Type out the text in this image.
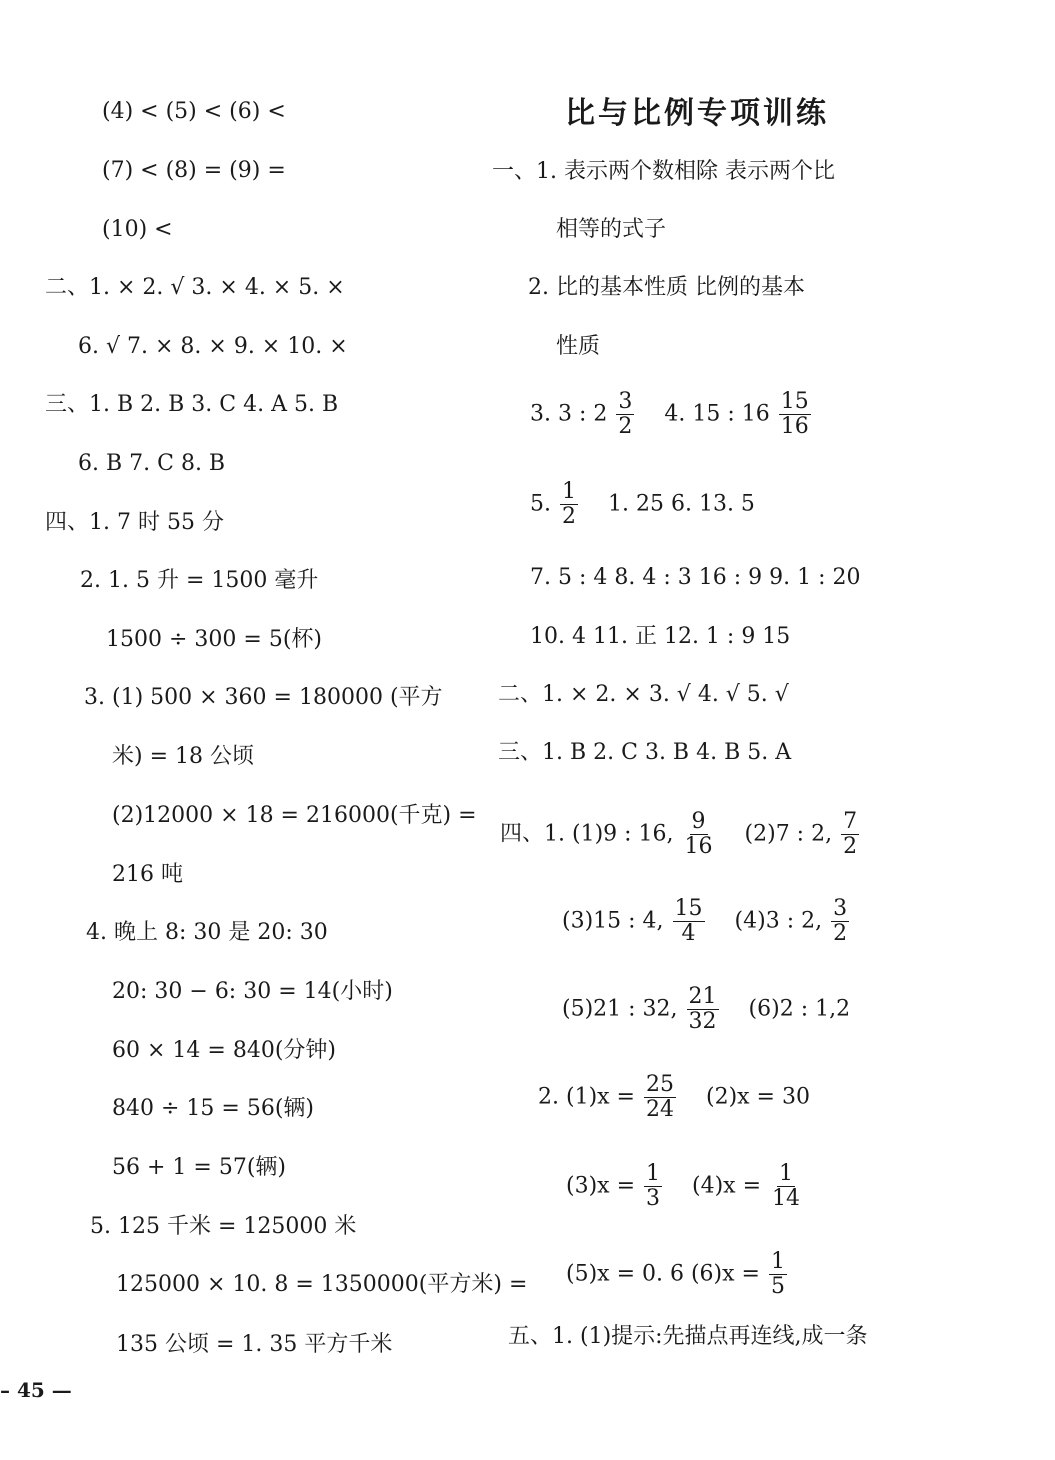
(4) < (5) < (6) <
(7) < (8) = (9) =
(10) <
二、1. × 2. √ 3. × 4. × 5. ×
6. √ 7. × 8. × 9. × 10. ×
三、1. B 2. B 3. C 4. A 5. B
6. B 7. C 8. B
四、1. 7 时 55 分
2. 1. 5 升 = 1500 毫升
1500 ÷ 300 = 5(杯)
3. (1) 500 × 360 = 180000 (平方
米) = 18 公顷
(2)12000 × 18 = 216000(千克) =
216 吨
4. 晚上 8: 30 是 20: 30
20: 30 − 6: 30 = 14(小时)
60 × 14 = 840(分钟)
840 ÷ 15 = 56(辆)
56 + 1 = 57(辆)
5. 125 千米 = 125000 米
125000 × 10. 8 = 1350000(平方米) =
135 公顷 = 1. 35 平方千米
比与比例专项训练
一、1. 表示两个数相除 表示两个比
相等的式子
2. 比的基本性质 比例的基本
性质
3. 3 : $2 \frac{3}{2} 4$. 15 : $16 \frac{15}{16}$
5. $\frac{1}{2} 1$. 25 6. 13. 5
7. 5 : 4 8. 4 : 3 16 : 9 9. 1 : 20
10. 4 11. 正 12. 1 : 9 15
二、1. × 2. × 3. √ 4. √ 5. √
三、1. B 2. C 3. B 4. B 5. A
四、1. (1)9 : 16, $\frac{9}{16} (2)7$ : 2, $\frac{7}{2}$
(3)15 : 4, $\frac{15}{4} (4)3$ : 2, $\frac{3}{2}$
(5)21 : 32, $\frac{21}{32} (6)2$ : 1,2
2. $(1)x = \frac{25}{24} (2)x = 30$
$(3)x = \frac{1}{3} (4)x = \frac{1}{14}$
(5)x = 0. 6 $(6)x = \frac{1}{5}$
五、1. (1)提示:先描点再连线,成一条
– 45 —
